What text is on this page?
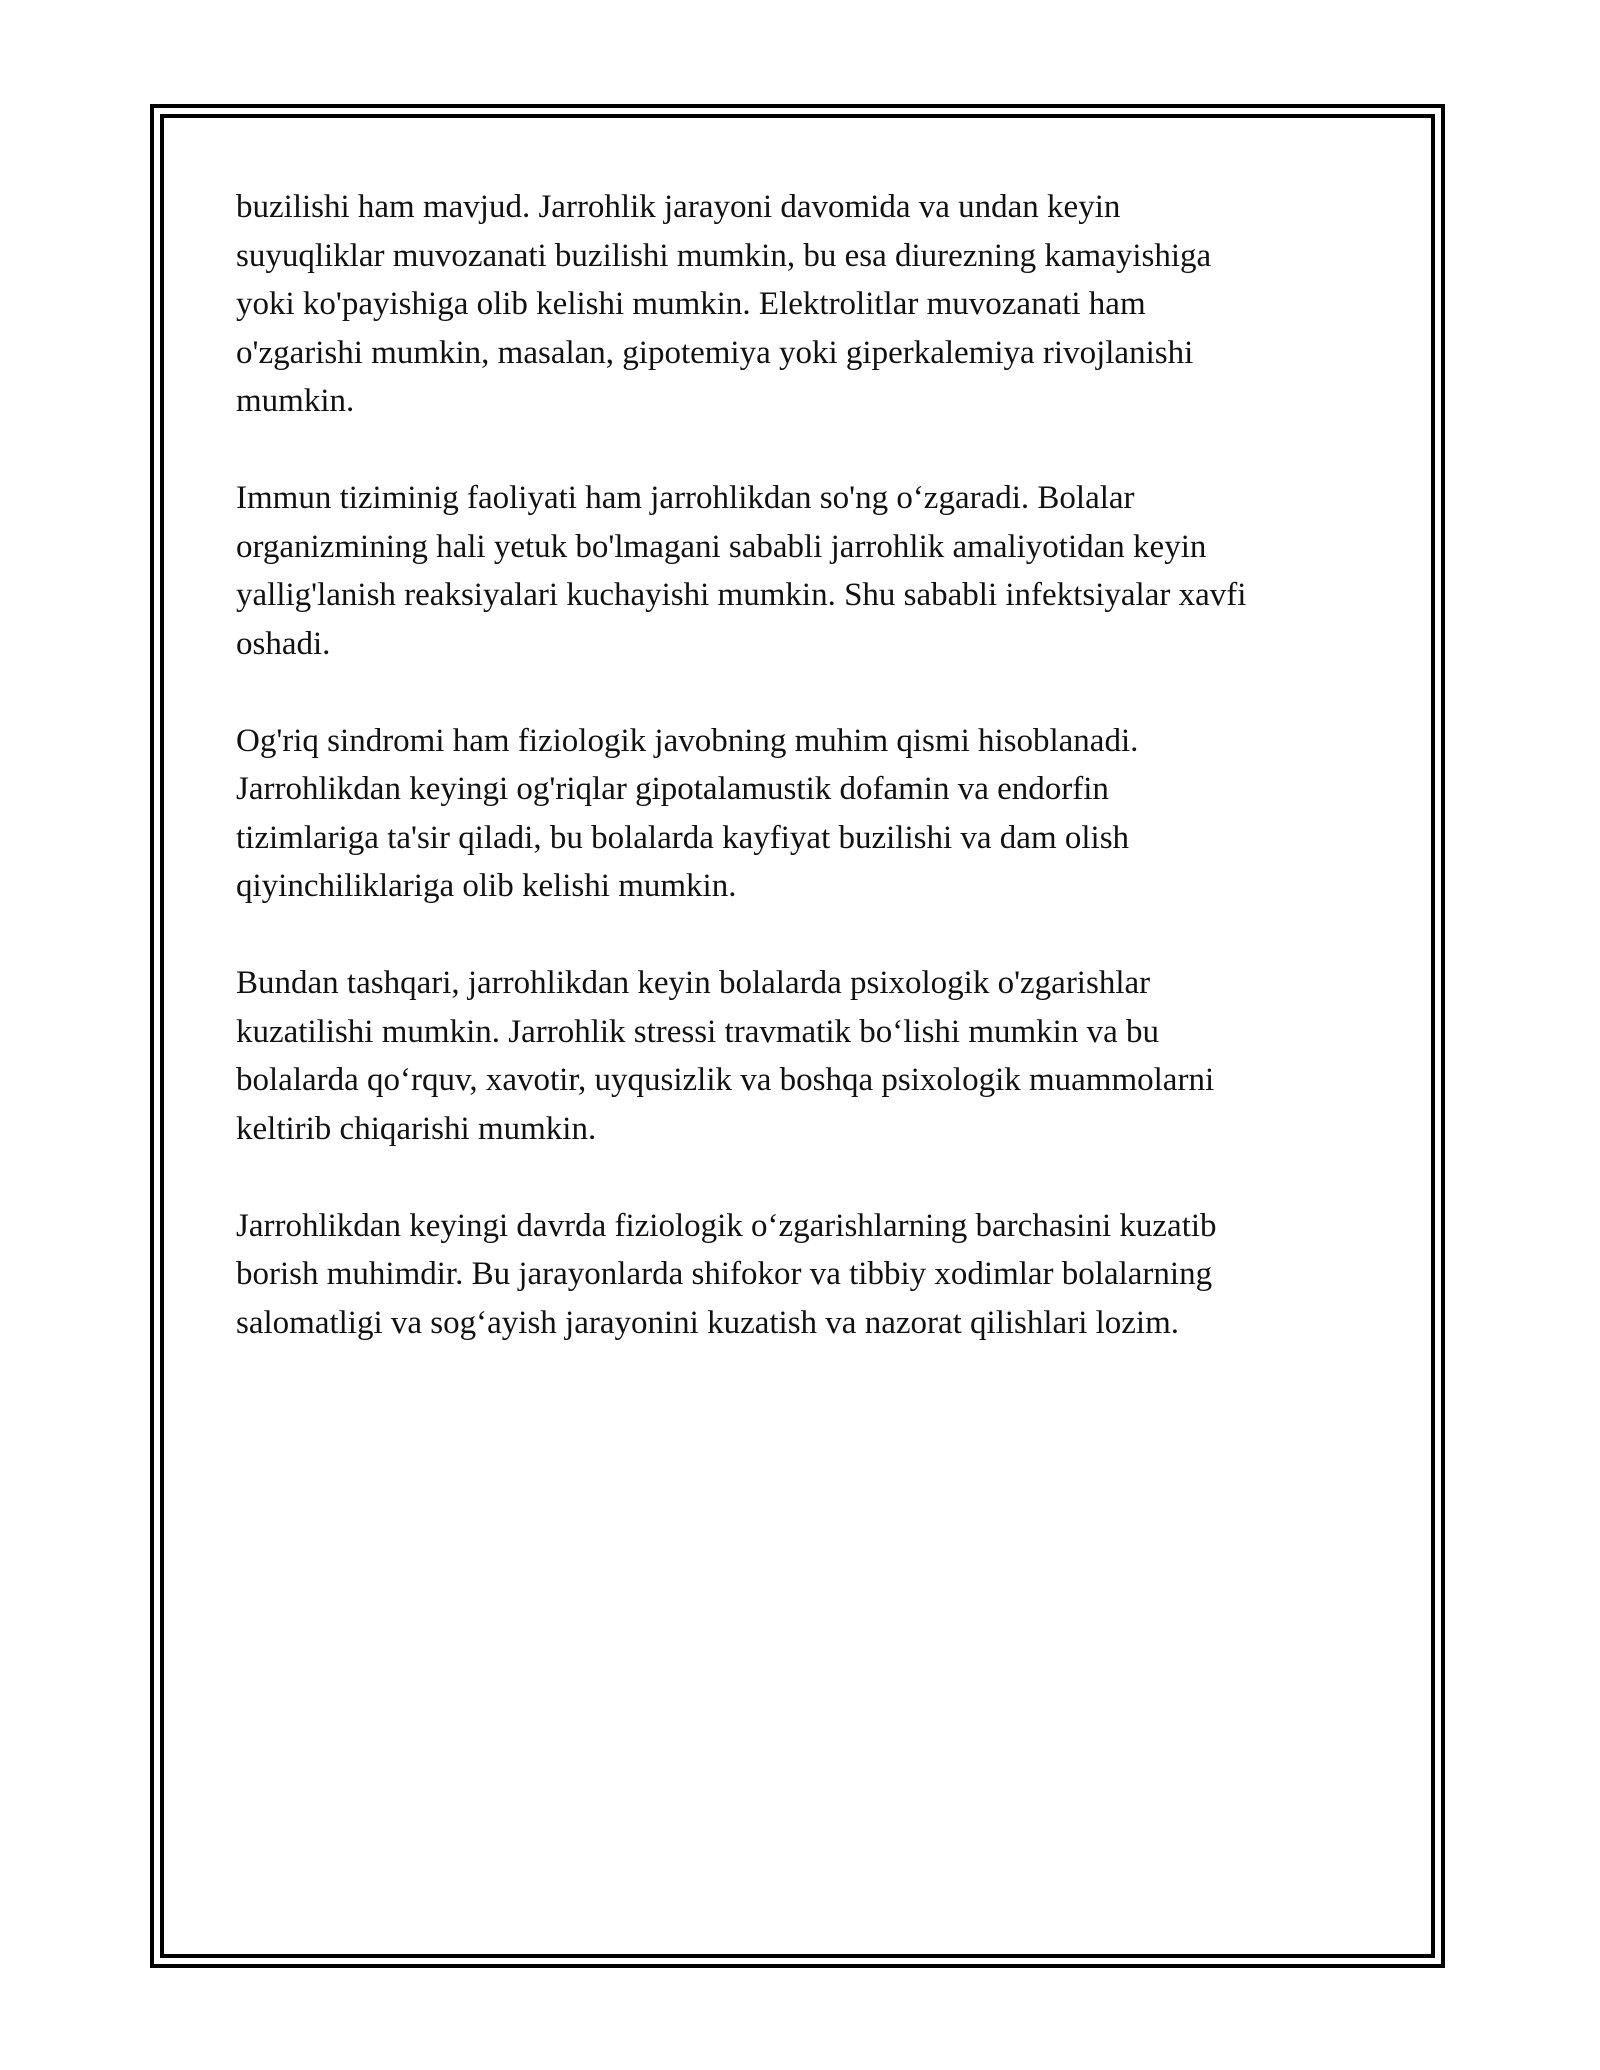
buzilishi ham mavjud. Jarrohlik jarayoni davomida va undan keyin
suyuqliklar muvozanati buzilishi mumkin, bu esa diurezning kamayishiga
yoki ko'payishiga olib kelishi mumkin. Elektrolitlar muvozanati ham
o'zgarishi mumkin, masalan, gipotemiya yoki giperkalemiya rivojlanishi
mumkin.

Immun tiziminig faoliyati ham jarrohlikdan so'ng o‘zgaradi. Bolalar
organizmining hali yetuk bo'lmagani sababli jarrohlik amaliyotidan keyin
yallig'lanish reaksiyalari kuchayishi mumkin. Shu sababli infektsiyalar xavfi
oshadi.

Og'riq sindromi ham fiziologik javobning muhim qismi hisoblanadi.
Jarrohlikdan keyingi og'riqlar gipotalamustik dofamin va endorfin
tizimlariga ta'sir qiladi, bu bolalarda kayfiyat buzilishi va dam olish
qiyinchiliklariga olib kelishi mumkin.

Bundan tashqari, jarrohlikdan keyin bolalarda psixologik o'zgarishlar
kuzatilishi mumkin. Jarrohlik stressi travmatik bo‘lishi mumkin va bu
bolalarda qo‘rquv, xavotir, uyqusizlik va boshqa psixologik muammolarni
keltirib chiqarishi mumkin.

Jarrohlikdan keyingi davrda fiziologik o‘zgarishlarning barchasini kuzatib
borish muhimdir. Bu jarayonlarda shifokor va tibbiy xodimlar bolalarning
salomatligi va sog‘ayish jarayonini kuzatish va nazorat qilishlari lozim.
